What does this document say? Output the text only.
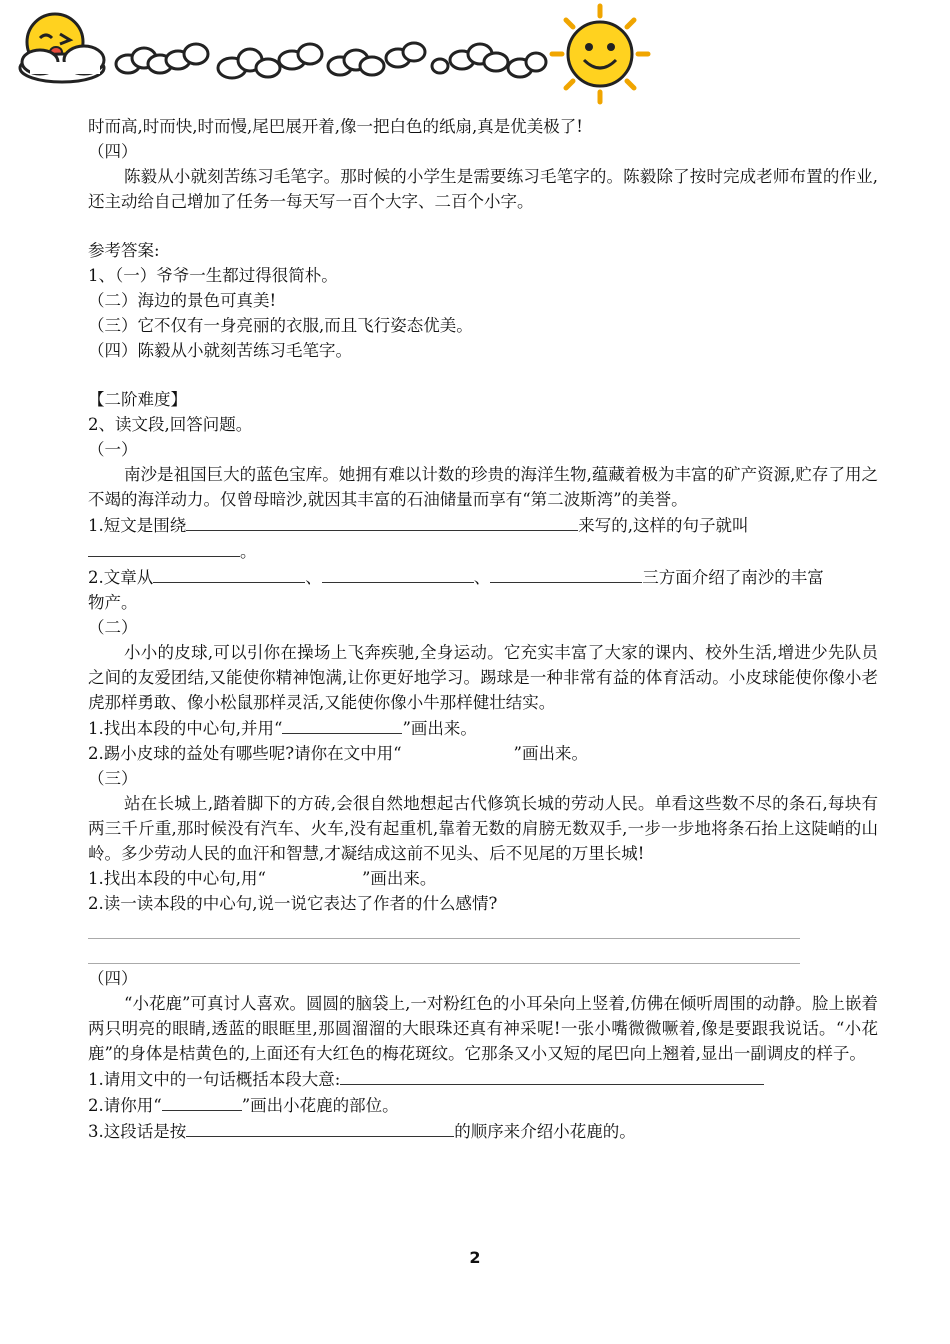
时而高,时而快,时而慢,尾巴展开着,像一把白色的纸扇,真是优美极了!
（四）
陈毅从小就刻苦练习毛笔字。那时候的小学生是需要练习毛笔字的。陈毅除了按时完成老师布置的作业,还主动给自己增加了任务一每天写一百个大字、二百个小字。
参考答案:
1、（一）爷爷一生都过得很简朴。
（二）海边的景色可真美!
（三）它不仅有一身亮丽的衣服,而且飞行姿态优美。
（四）陈毅从小就刻苦练习毛笔字。
【二阶难度】
2、读文段,回答问题。
（一）
南沙是祖国巨大的蓝色宝库。她拥有难以计数的珍贵的海洋生物,蕴藏着极为丰富的矿产资源,贮存了用之不竭的海洋动力。仅曾母暗沙,就因其丰富的石油储量而享有“第二波斯湾”的美誉。
1.短文是围绕	来写的,这样的句子就叫
。
2.文章从	、	、	三方面介绍了南沙的丰富
物产。
（二）
小小的皮球,可以引你在操场上飞奔疾驰,全身运动。它充实丰富了大家的课内、校外生活,增进少先队员之间的友爱团结,又能使你精神饱满,让你更好地学习。踢球是一种非常有益的体育活动。小皮球能使你像小老虎那样勇敢、像小松鼠那样灵活,又能使你像小牛那样健壮结实。
1.找出本段的中心句,并用“	”画出来。
2.踢小皮球的益处有哪些呢?请你在文中用“	”画出来。
（三）
站在长城上,踏着脚下的方砖,会很自然地想起古代修筑长城的劳动人民。单看这些数不尽的条石,每块有两三千斤重,那时候没有汽车、火车,没有起重机,靠着无数的肩膀无数双手,一步一步地将条石抬上这陡峭的山岭。多少劳动人民的血汗和智慧,才凝结成这前不见头、后不见尾的万里长城!
1.找出本段的中心句,用“	”画出来。
2.读一读本段的中心句,说一说它表达了作者的什么感情?
（四）
“小花鹿”可真讨人喜欢。圆圆的脑袋上,一对粉红色的小耳朵向上竖着,仿佛在倾听周围的动静。脸上嵌着两只明亮的眼睛,透蓝的眼眶里,那圆溜溜的大眼珠还真有神采呢!一张小嘴微微噘着,像是要跟我说话。“小花鹿”的身体是桔黄色的,上面还有大红色的梅花斑纹。它那条又小又短的尾巴向上翘着,显出一副调皮的样子。
1.请用文中的一句话概括本段大意:
2.请你用“	”画出小花鹿的部位。
3.这段话是按	的顺序来介绍小花鹿的。
2
